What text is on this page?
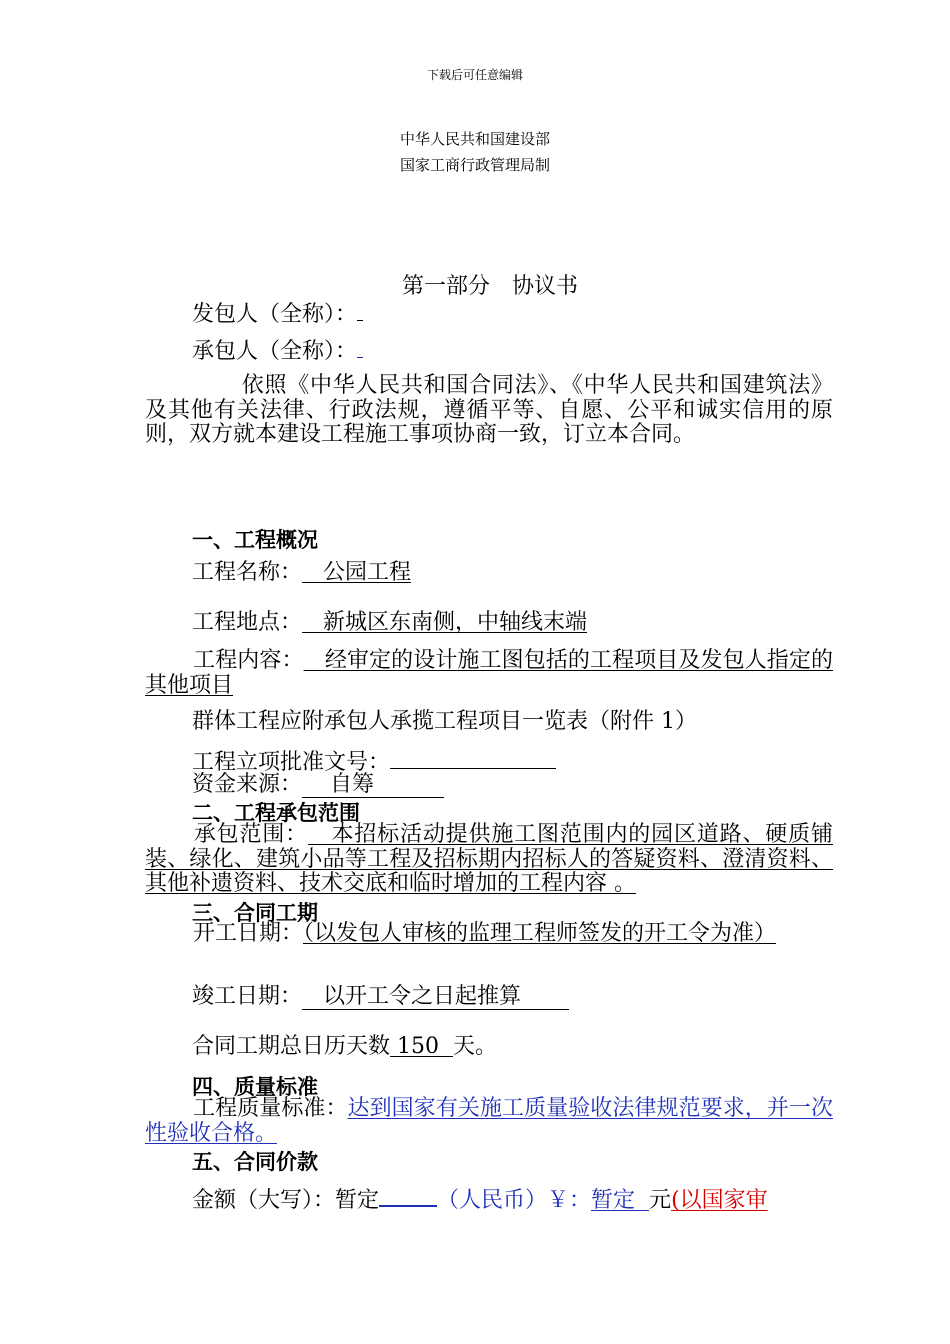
下载后可任意编辑
中华人民共和国建设部
国家工商行政管理局制
第一部分　协议书
发包人（全称）：
承包人（全称）：
依照《中华人民共和国合同法》、《中华人民共和国建筑法》及其他有关法律、行政法规，遵循平等、自愿、公平和诚实信用的原则，双方就本建设工程施工事项协商一致，订立本合同。
一、工程概况
工程名称： 公园工程
工程地点： 新城区东南侧，中轴线末端
工程内容： 经审定的设计施工图包括的工程项目及发包人指定的其他项目
群体工程应附承包人承揽工程项目一览表（附件 1）
工程立项批准文号：
资金来源： 自筹
二、工程承包范围
承包范围： 本招标活动提供施工图范围内的园区道路、硬质铺装、绿化、建筑小品等工程及招标期内招标人的答疑资料、澄清资料、其他补遗资料、技术交底和临时增加的工程内容 。
三、合同工期
开工日期：（以发包人审核的监理工程师签发的开工令为准）
竣工日期： 以开工令之日起推算
合同工期总日历天数 150 天。
四、质量标准
工程质量标准：达到国家有关施工质量验收法律规范要求，并一次性验收合格。
五、合同价款
金额（大写）：暂定	（人民币）￥：暂定 元(以国家审
